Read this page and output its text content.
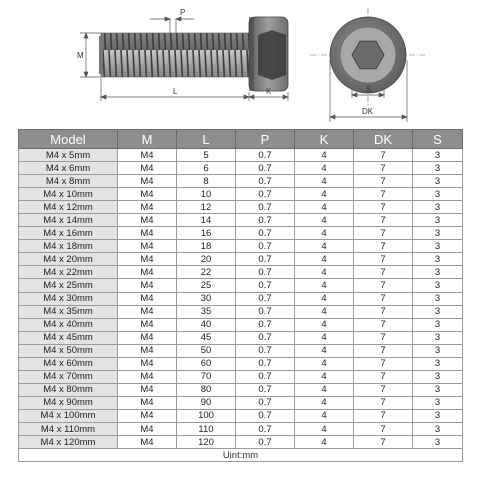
P
M
L	K	S
DK
Model	M	L	P	K	DK	S
M4 x 5mm	M4	5	0.7	4	7	3
M4 x 6mm	M4	6	0.7	4	7	3
M4 x 8mm	M4	8	0.7	4	7	3
M4 x 10mm	M4	10	0.7	4	7	3
M4 x 12mm	M4	12	0.7	4	7	3
M4 x 14mm	M4	14	0.7	4	7	3
M4 x 16mm	M4	16	0.7	4	7	3
M4 x 18mm	M4	18	0.7	4	7	3
M4 x 20mm	M4	20	0.7	4	7	3
M4 x 22mm	M4	22	0.7	4	7	3
M4 x 25mm	M4	25	0.7	4	7	3
M4 x 30mm	M4	30	0.7	4	7	3
M4 x 35mm	M4	35	0.7	4	7	3
M4 x 40mm	M4	40	0.7	4	7	3
M4 x 45mm	M4	45	0.7	4	7	3
M4 x 50mm	M4	50	0.7	4	7	3
M4 x 60mm	M4	60	0.7	4	7	3
M4 x 70mm	M4	70	0.7	4	7	3
M4 x 80mm	M4	80	0.7	4	7	3
M4 x 90mm	M4	90	0.7	4	7	3
M4 x 100mm	M4	100	0.7	4	7	3
M4 x 110mm	M4	110	0.7	4	7	3
M4 x 120mm	M4	120	0.7	4	7	3
Uint:mm						
